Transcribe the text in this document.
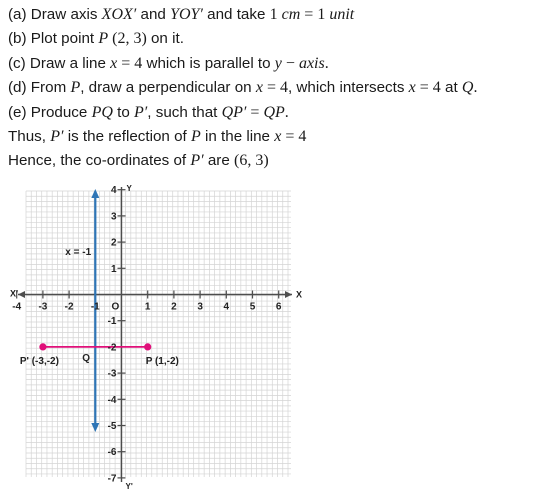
(a) Draw axis XOX′ and YOY′ and take 1 cm = 1 unit
(b) Plot point P (2, 3) on it.
(c) Draw a line x = 4 which is parallel to y − axis.
(d) From P, draw a perpendicular on x = 4, which intersects x = 4 at Q.
(e) Produce PQ to P′, such that QP′ = QP.
Thus, P′ is the reflection of P in the line x = 4
Hence, the co-ordinates of P′ are (6, 3)
-4 -3 -2 -1	1 2 3 4 5 6
4
3
2
1
-1
-2
-3
-4
-5
-6
-7
X
X'
Y
Y'
O
x = -1
P' (-3,-2)	P (1,-2)
Q
